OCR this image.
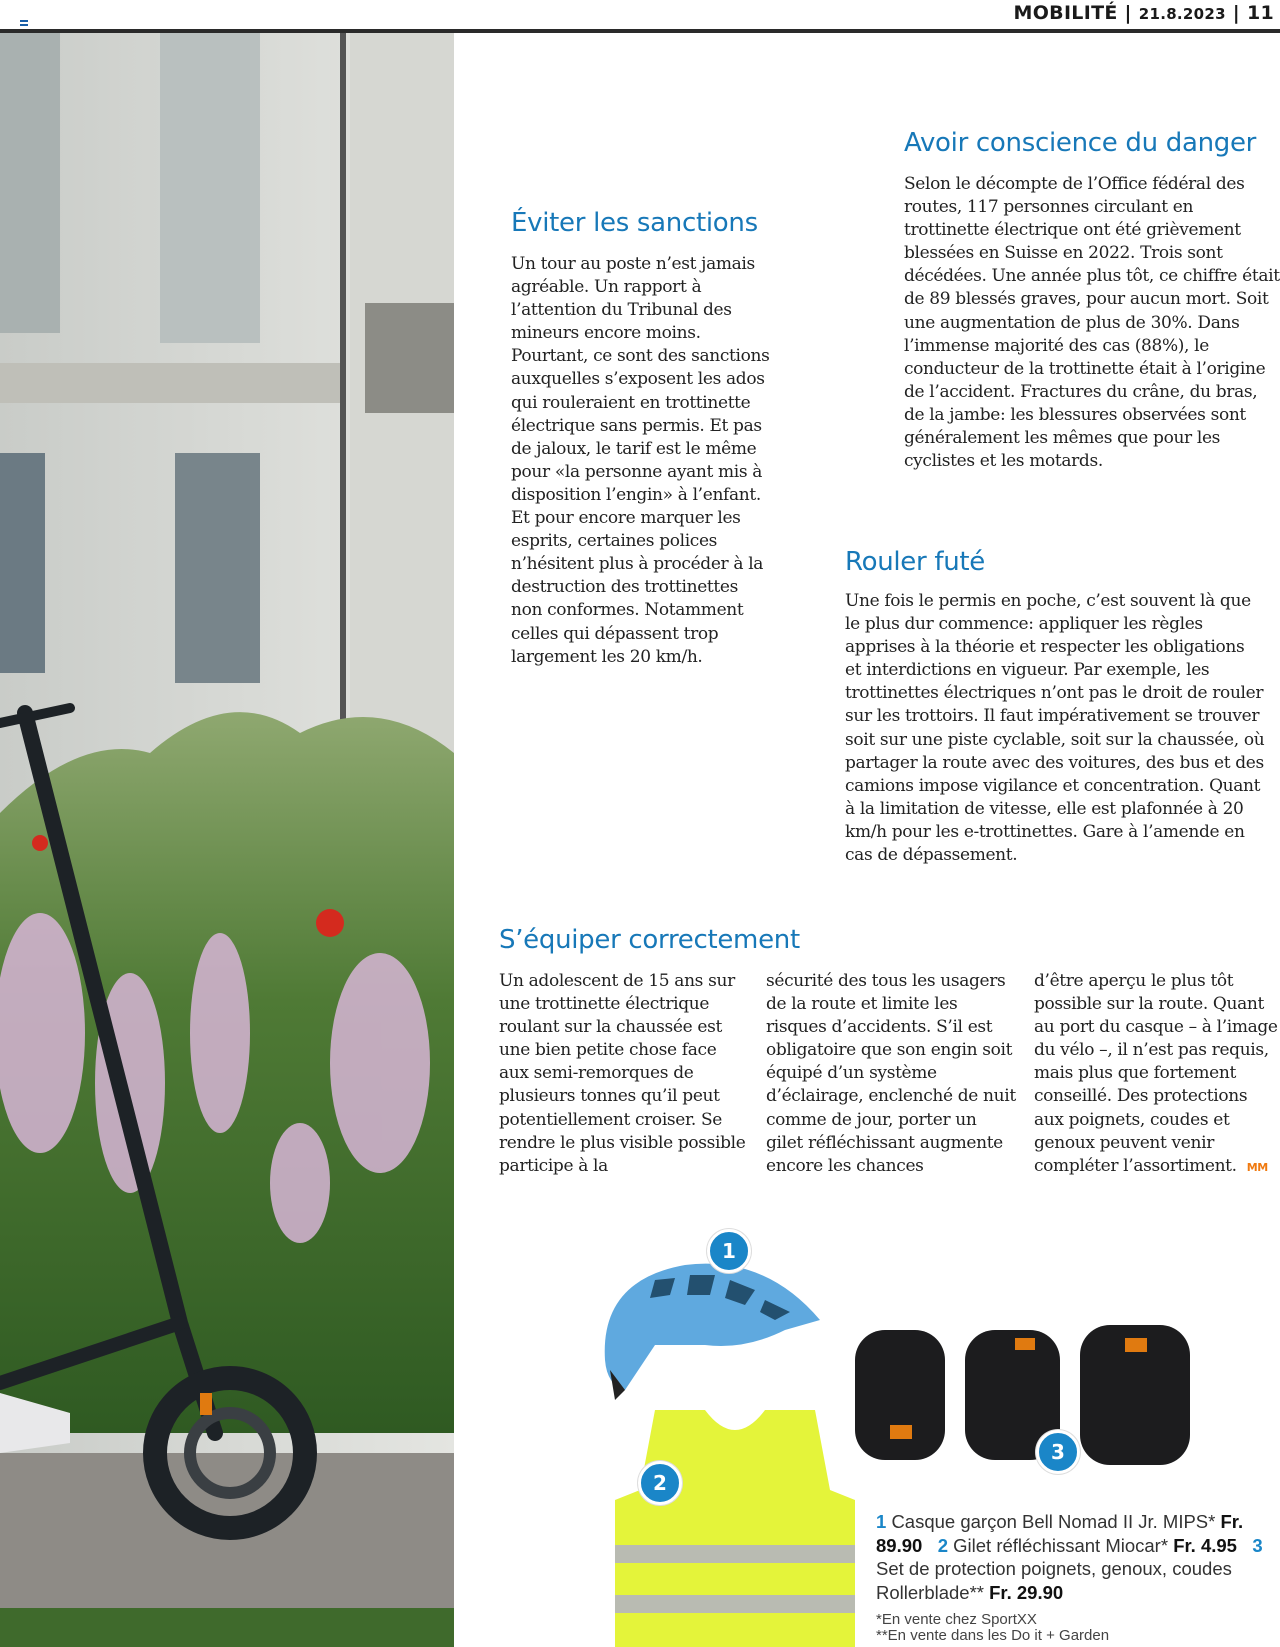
MOBILITÉ | 21.8.2023 | 11
Avoir conscience du danger

Selon le décompte de l’Office fédéral des routes, 117 personnes circulant en trottinette électrique ont été grièvement blessées en Suisse en 2022. Trois sont décédées. Une année plus tôt, ce chiffre était de 89 blessés graves, pour aucun mort. Soit une augmentation de plus de 30%. Dans l’immense majorité des cas (88%), le conducteur de la trottinette était à l’origine de l’accident. Fractures du crâne, du bras, de la jambe: les blessures observées sont généralement les mêmes que pour les cyclistes et les motards.

Éviter les sanctions

Un tour au poste n’est jamais agréable. Un rapport à l’attention du Tribunal des mineurs encore moins. Pourtant, ce sont des sanctions auxquelles s’exposent les ados qui rouleraient en trottinette électrique sans permis. Et pas de jaloux, le tarif est le même pour «la personne ayant mis à disposition l’engin» à l’enfant. Et pour encore marquer les esprits, certaines polices n’hésitent plus à procéder à la destruction des trottinettes non conformes. Notamment celles qui dépassent trop largement les 20 km/h.

Rouler futé

Une fois le permis en poche, c’est souvent là que le plus dur commence: appliquer les règles apprises à la théorie et respecter les obligations et interdictions en vigueur. Par exemple, les trottinettes électriques n’ont pas le droit de rouler sur les trottoirs. Il faut impérativement se trouver soit sur une piste cyclable, soit sur la chaussée, où partager la route avec des voitures, des bus et des camions impose vigilance et concentration. Quant à la limitation de vitesse, elle est plafonnée à 20 km/h pour les e-trottinettes. Gare à l’amende en cas de dépassement.

S’équiper correctement

Un adolescent de 15 ans sur une trottinette électrique roulant sur la chaussée est une bien petite chose face aux semi-remorques de plusieurs tonnes qu’il peut potentiellement croiser. Se rendre le plus visible possible participe à la

sécurité des tous les usagers de la route et limite les risques d’accidents. S’il est obligatoire que son engin soit équipé d’un système d’éclairage, enclenché de nuit comme de jour, porter un gilet réfléchissant augmente encore les chances

d’être aperçu le plus tôt possible sur la route. Quant au port du casque – à l’image du vélo –, il n’est pas requis, mais plus que fortement conseillé. Des protections aux poignets, coudes et genoux peuvent venir compléter l’assortiment. MM

1
2
3
1 Casque garçon Bell Nomad II Jr. MIPS* Fr. 89.90 2 Gilet réfléchissant Miocar* Fr. 4.95 3 Set de protection poignets, genoux, coudes Rollerblade** Fr. 29.90
*En vente chez SportXX
**En vente dans les Do it + Garden
